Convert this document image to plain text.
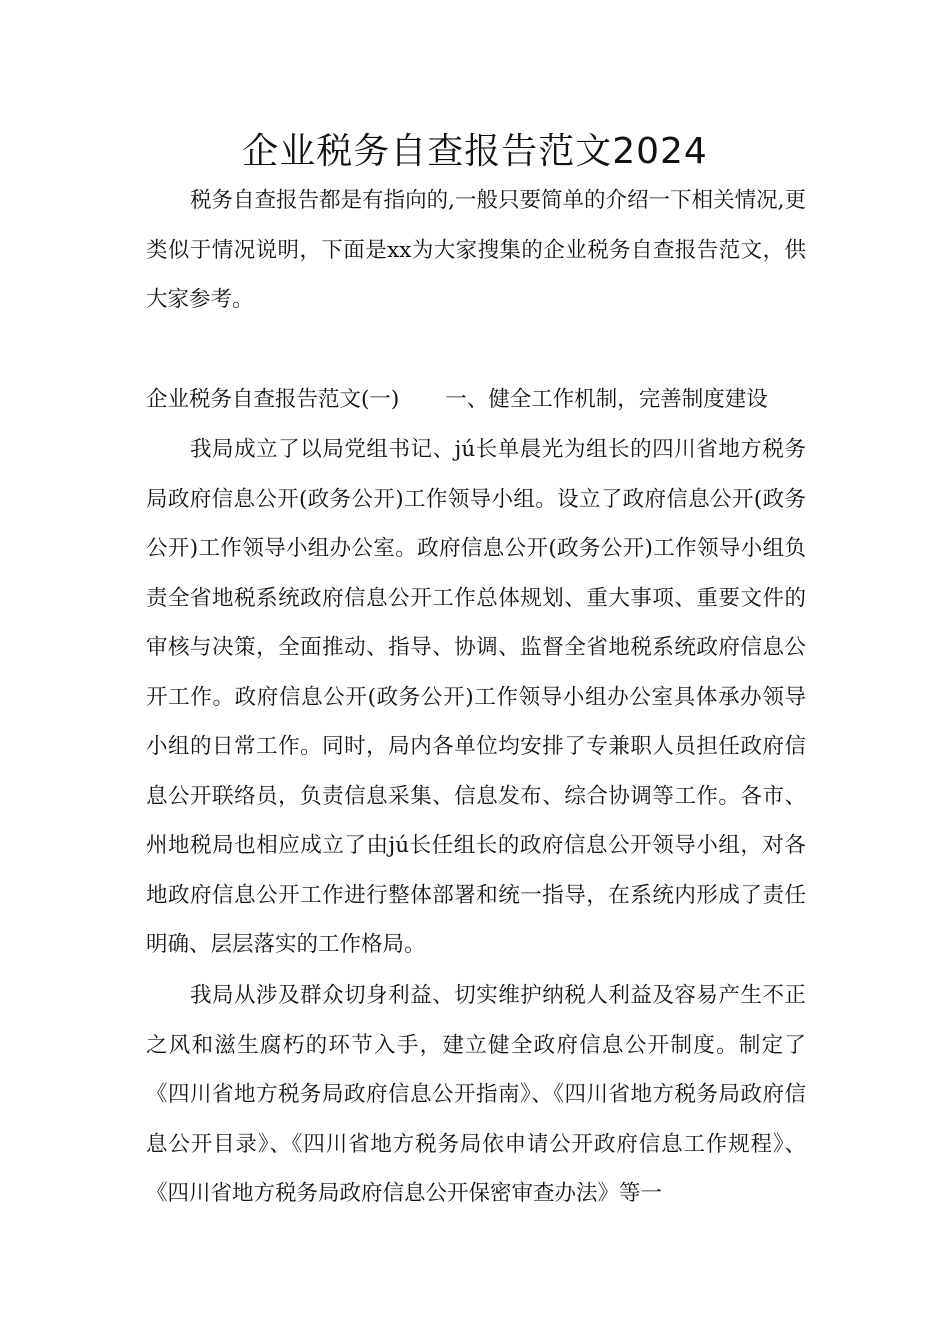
企业税务自查报告范文2024

税务自查报告都是有指向的,一般只要简单的介绍一下相关情况,更类似于情况说明，下面是xx为大家搜集的企业税务自查报告范文，供大家参考。

企业税务自查报告范文(一) 一、健全工作机制，完善制度建设

我局成立了以局党组书记、jú长单晨光为组长的四川省地方税务局政府信息公开(政务公开)工作领导小组。设立了政府信息公开(政务公开)工作领导小组办公室。政府信息公开(政务公开)工作领导小组负责全省地税系统政府信息公开工作总体规划、重大事项、重要文件的审核与决策，全面推动、指导、协调、监督全省地税系统政府信息公开工作。政府信息公开(政务公开)工作领导小组办公室具体承办领导小组的日常工作。同时，局内各单位均安排了专兼职人员担任政府信息公开联络员，负责信息采集、信息发布、综合协调等工作。各市、州地税局也相应成立了由jú长任组长的政府信息公开领导小组，对各地政府信息公开工作进行整体部署和统一指导，在系统内形成了责任明确、层层落实的工作格局。

我局从涉及群众切身利益、切实维护纳税人利益及容易产生不正之风和滋生腐朽的环节入手，建立健全政府信息公开制度。制定了《四川省地方税务局政府信息公开指南》、《四川省地方税务局政府信息公开目录》、《四川省地方税务局依申请公开政府信息工作规程》、《四川省地方税务局政府信息公开保密审查办法》等一
